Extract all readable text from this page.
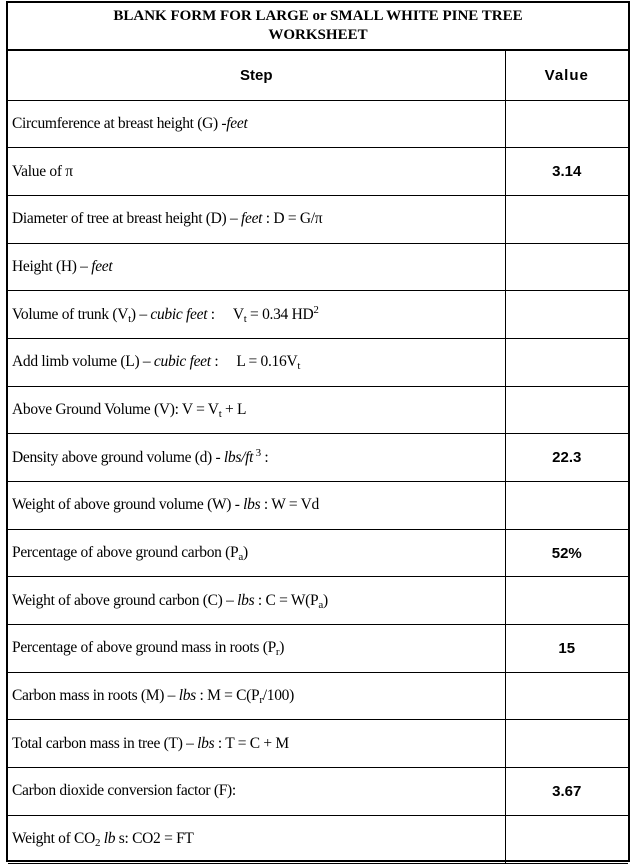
BLANK FORM FOR LARGE or SMALL WHITE PINE TREE
WORKSHEET
Step	Value
Circumference at breast height (G) -feet	
Value of π	3.14
Diameter of tree at breast height (D) – feet : D = G/π	
Height (H) – feet	
Volume of trunk $(V_t)$ – cubic feet : $V_t = 0.34$ $HD^2$	
Add limb volume (L) – cubic feet : $L = 0.16V_t$	
Above Ground Volume (V): $V = V_t + L$	
Density above ground volume (d) - lbs/ft $^3$ :	22.3
Weight of above ground volume (W) - lbs : W = Vd	
Percentage of above ground carbon $(P_a)$	52%
Weight of above ground carbon (C) – lbs : $C = W(P_a)$	
Percentage of above ground mass in roots $(P_r)$	15
Carbon mass in roots (M) – lbs : $M = C(P_r/100)$	
Total carbon mass in tree (T) – lbs : T = C + M	
Carbon dioxide conversion factor (F):	3.67
Weight of $CO_2$ lb s: CO2 = FT	
